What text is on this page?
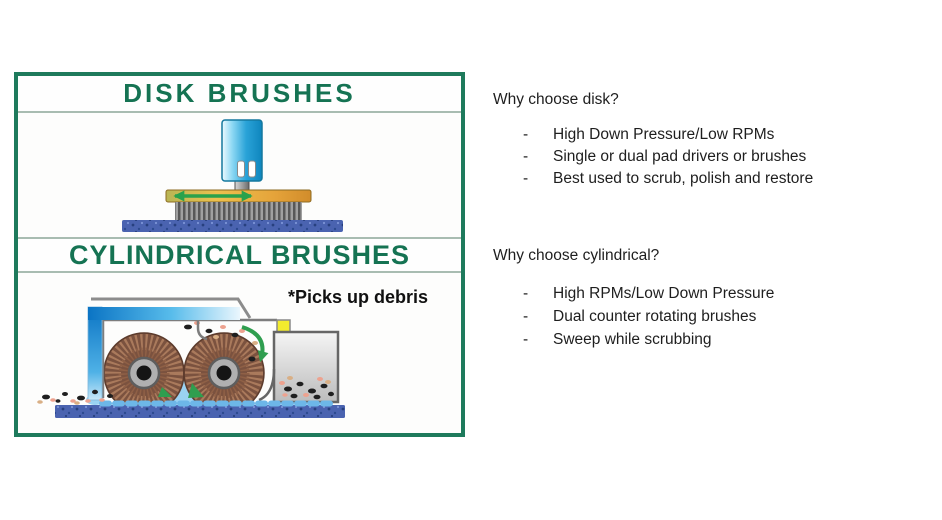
DISK BRUSHES
CYLINDRICAL BRUSHES
*Picks up debris
Why choose disk?
-	High Down Pressure/Low RPMs
-	Single or dual pad drivers or brushes
-	Best used to scrub, polish and restore
Why choose cylindrical?
-	High RPMs/Low Down Pressure
-	Dual counter rotating brushes
-	Sweep while scrubbing
